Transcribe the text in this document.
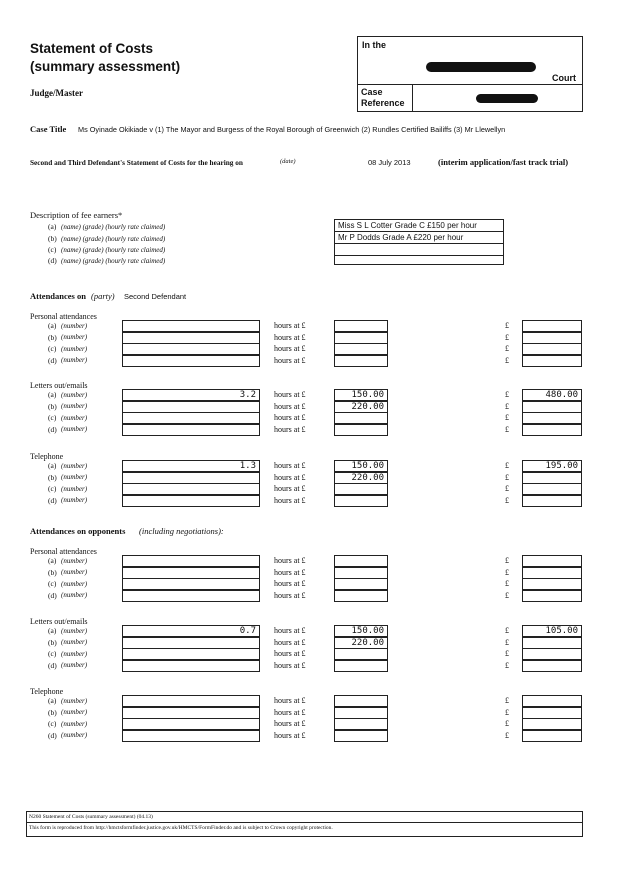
Statement of Costs
(summary assessment)
Judge/Master
In the
Court
Case
Reference
Case Title Ms Oyinade Okikiade v (1) The Mayor and Burgess of the Royal Borough of Greenwich (2) Rundles Certified Bailiffs (3) Mr Llewellyn
Second and Third Defendant's Statement of Costs for the hearing on	(date)	08 July 2013	(interim application/fast track trial)
Description of fee earners*
(a) (name) (grade) (hourly rate claimed)
(b) (name) (grade) (hourly rate claimed)
(c) (name) (grade) (hourly rate claimed)
(d) (name) (grade) (hourly rate claimed)
Miss S L Cotter Grade C £150 per hour
Mr P Dodds Grade A £220 per hour
Attendances on (party) Second Defendant
Attendances on opponents (including negotiations):
Personal attendances
(a) (number)	hours at £	£
(b) (number)	hours at £	£
(c) (number)	hours at £	£
(d) (number)	hours at £	£
Letters out/emails
(a) (number)	3.2	hours at £	150.00	£	480.00
(b) (number)	hours at £	220.00	£
(c) (number)	hours at £	£
(d) (number)	hours at £	£
Telephone
(a) (number)	1.3	hours at £	150.00	£	195.00
(b) (number)	hours at £	220.00	£
(c) (number)	hours at £	£
(d) (number)	hours at £	£
Personal attendances
(a) (number)	hours at £	£
(b) (number)	hours at £	£
(c) (number)	hours at £	£
(d) (number)	hours at £	£
Letters out/emails
(a) (number)	0.7	hours at £	150.00	£	105.00
(b) (number)	hours at £	220.00	£
(c) (number)	hours at £	£
(d) (number)	hours at £	£
Telephone
(a) (number)	hours at £	£
(b) (number)	hours at £	£
(c) (number)	hours at £	£
(d) (number)	hours at £	£
N260 Statement of Costs (summary assessment) (04.13)
This form is reproduced from http://hmctsformfinder.justice.gov.uk/HMCTS/FormFinder.do and is subject to Crown copyright protection.
